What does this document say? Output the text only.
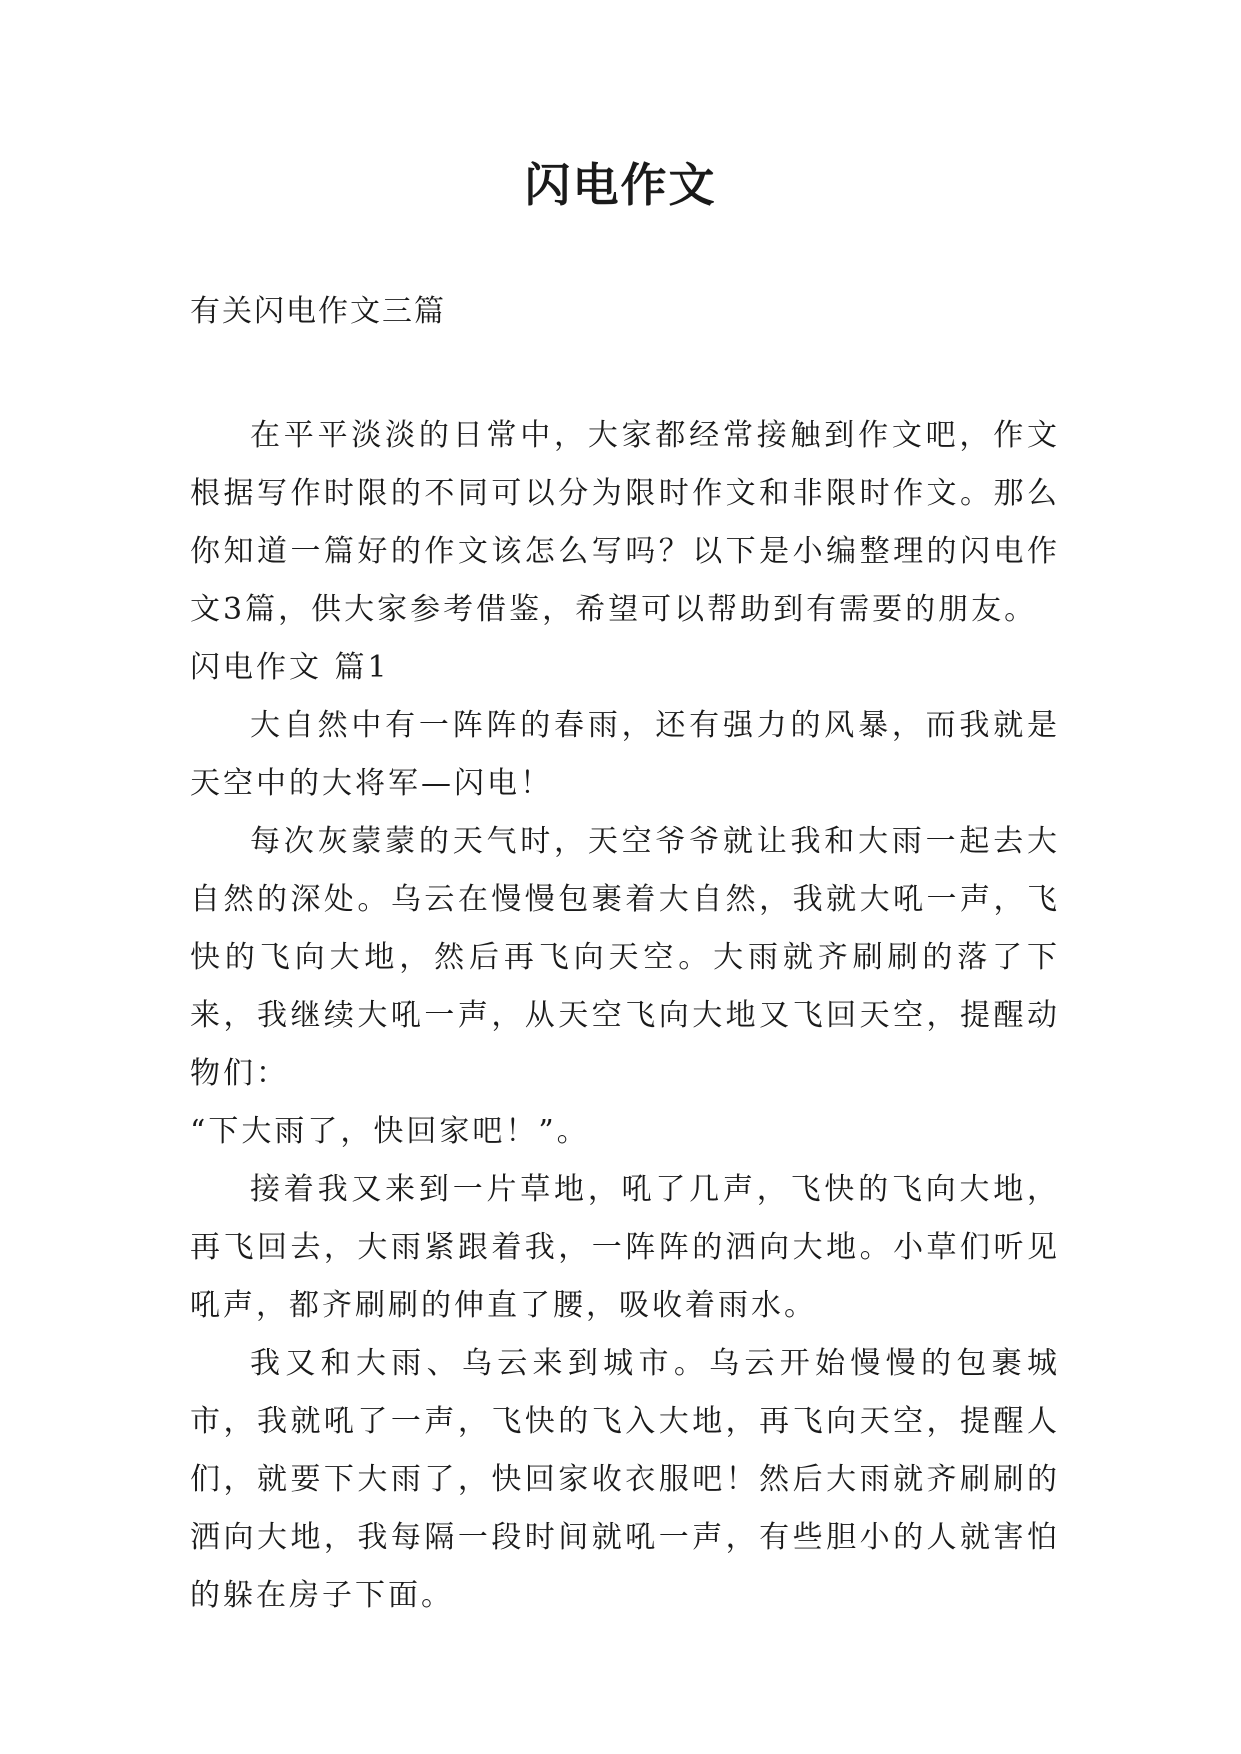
闪电作文
有关闪电作文三篇

在平平淡淡的日常中，大家都经常接触到作文吧，作文根据写作时限的不同可以分为限时作文和非限时作文。那么你知道一篇好的作文该怎么写吗？以下是小编整理的闪电作文3篇，供大家参考借鉴，希望可以帮助到有需要的朋友。

闪电作文 篇1

大自然中有一阵阵的春雨，还有强力的风暴，而我就是天空中的大将军—闪电！

每次灰蒙蒙的天气时，天空爷爷就让我和大雨一起去大自然的深处。乌云在慢慢包裹着大自然，我就大吼一声，飞快的飞向大地，然后再飞向天空。大雨就齐刷刷的落了下来，我继续大吼一声，从天空飞向大地又飞回天空，提醒动物们：

“下大雨了，快回家吧！”。

接着我又来到一片草地，吼了几声，飞快的飞向大地，再飞回去，大雨紧跟着我，一阵阵的洒向大地。小草们听见吼声，都齐刷刷的伸直了腰，吸收着雨水。

我又和大雨、乌云来到城市。乌云开始慢慢的包裹城市，我就吼了一声，飞快的飞入大地，再飞向天空，提醒人们，就要下大雨了，快回家收衣服吧！然后大雨就齐刷刷的洒向大地，我每隔一段时间就吼一声，有些胆小的人就害怕的躲在房子下面。
